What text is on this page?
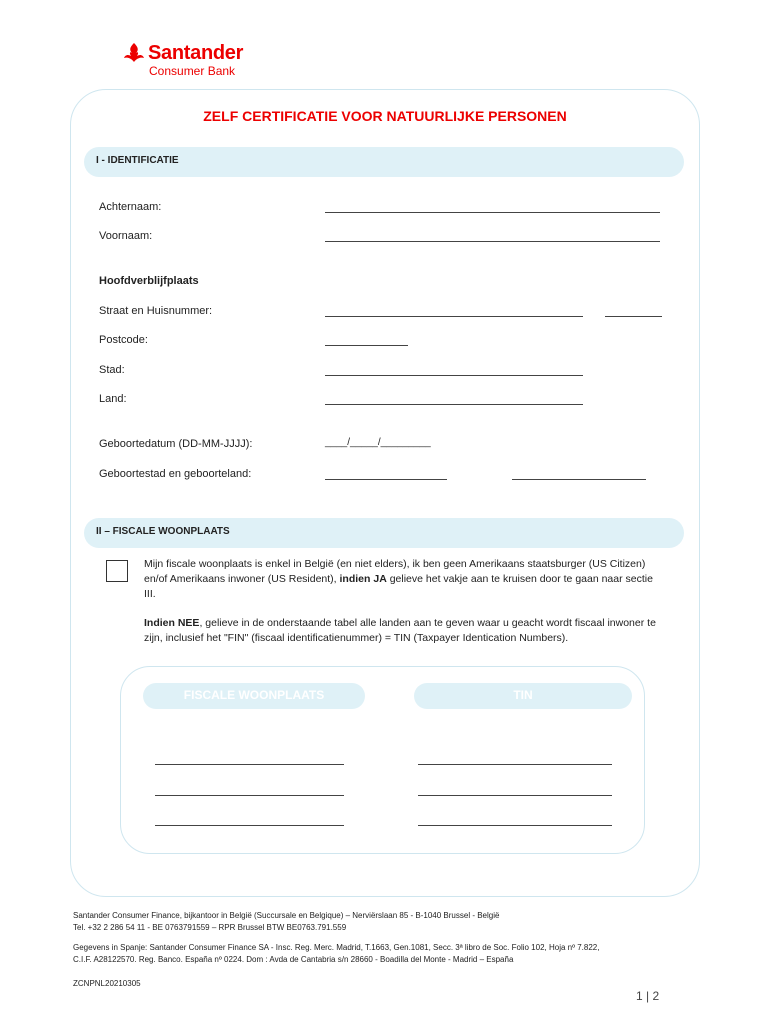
Santander
Consumer Bank
ZELF CERTIFICATIE VOOR NATUURLIJKE PERSONEN
I - IDENTIFICATIE
Achternaam:
Voornaam:
Hoofdverblijfplaats
Straat en Huisnummer:
Postcode:
Stad:
Land:
Geboortedatum (DD-MM-JJJJ):	____/_____/_________
Geboortestad en geboorteland:
II – FISCALE WOONPLAATS
Mijn fiscale woonplaats is enkel in België (en niet elders), ik ben geen Amerikaans staatsburger (US Citizen) en/of Amerikaans inwoner (US Resident), indien JA gelieve het vakje aan te kruisen door te gaan naar sectie III.
Indien NEE, gelieve in de onderstaande tabel alle landen aan te geven waar u geacht wordt fiscaal inwoner te zijn, inclusief het "FIN" (fiscaal identificatienummer) = TIN (Taxpayer Identication Numbers).
FISCALE WOONPLAATS	TIN
Santander Consumer Finance, bijkantoor in België (Succursale en Belgique) – Nerviërslaan 85 - B-1040 Brussel - België
Tel. +32 2 286 54 11 - BE 0763791559 – RPR Brussel BTW BE0763.791.559
Gegevens in Spanje: Santander Consumer Finance SA - Insc. Reg. Merc. Madrid, T.1663, Gen.1081, Secc. 3ª libro de Soc. Folio 102, Hoja nº 7.822,
C.I.F. A28122570. Reg. Banco. España nº 0224. Dom : Avda de Cantabria s/n 28660 - Boadilla del Monte - Madrid – España
ZCNPNL20210305
1 | 2
